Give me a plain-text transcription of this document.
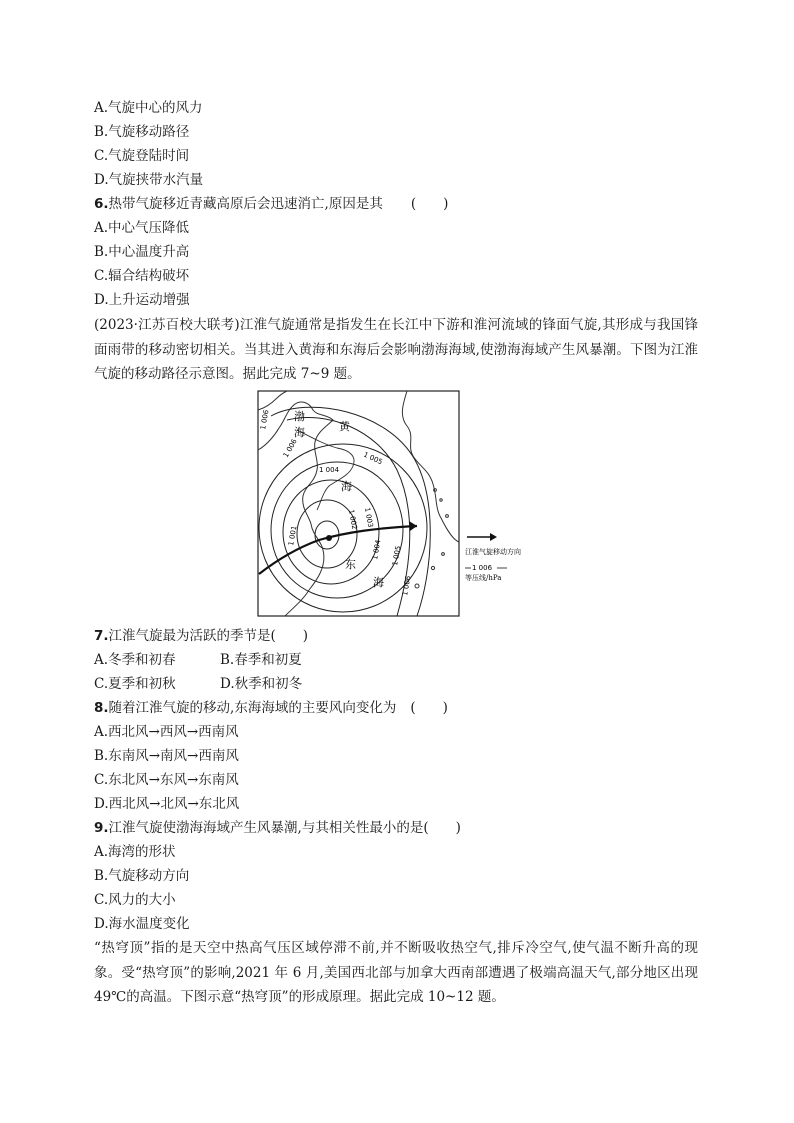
A.气旋中心的风力
B.气旋移动路径
C.气旋登陆时间
D.气旋挟带水汽量
6.热带气旋移近青藏高原后会迅速消亡,原因是其 (　　)
A.中心气压降低
B.中心温度升高
C.辐合结构破坏
D.上升运动增强
(2023·江苏百校大联考)江淮气旋通常是指发生在长江中下游和淮河流域的锋面气旋,其形成与我国锋面雨带的移动密切相关。当其进入黄海和东海后会影响渤海海域,使渤海海域产生风暴潮。下图为江淮气旋的移动路径示意图。据此完成 7~9 题。
1 006
1 006
1 004
1 005
1 003
1 002
1 001
1 004 1 005
1 006
渤
海	黄
海
东
海
江淮气旋移动方向
1 006
等压线/hPa
7.江淮气旋最为活跃的季节是(　　)
A.冬季和初春	B.春季和初夏
C.夏季和初秋	D.秋季和初冬
8.随着江淮气旋的移动,东海海域的主要风向变化为 (　　)
A.西北风→西风→西南风
B.东南风→南风→西南风
C.东北风→东风→东南风
D.西北风→北风→东北风
9.江淮气旋使渤海海域产生风暴潮,与其相关性最小的是(　　)
A.海湾的形状
B.气旋移动方向
C.风力的大小
D.海水温度变化
“热穹顶”指的是天空中热高气压区域停滞不前,并不断吸收热空气,排斥冷空气,使气温不断升高的现象。受“热穹顶”的影响,2021 年 6 月,美国西北部与加拿大西南部遭遇了极端高温天气,部分地区出现 49℃的高温。下图示意“热穹顶”的形成原理。据此完成 10~12 题。
